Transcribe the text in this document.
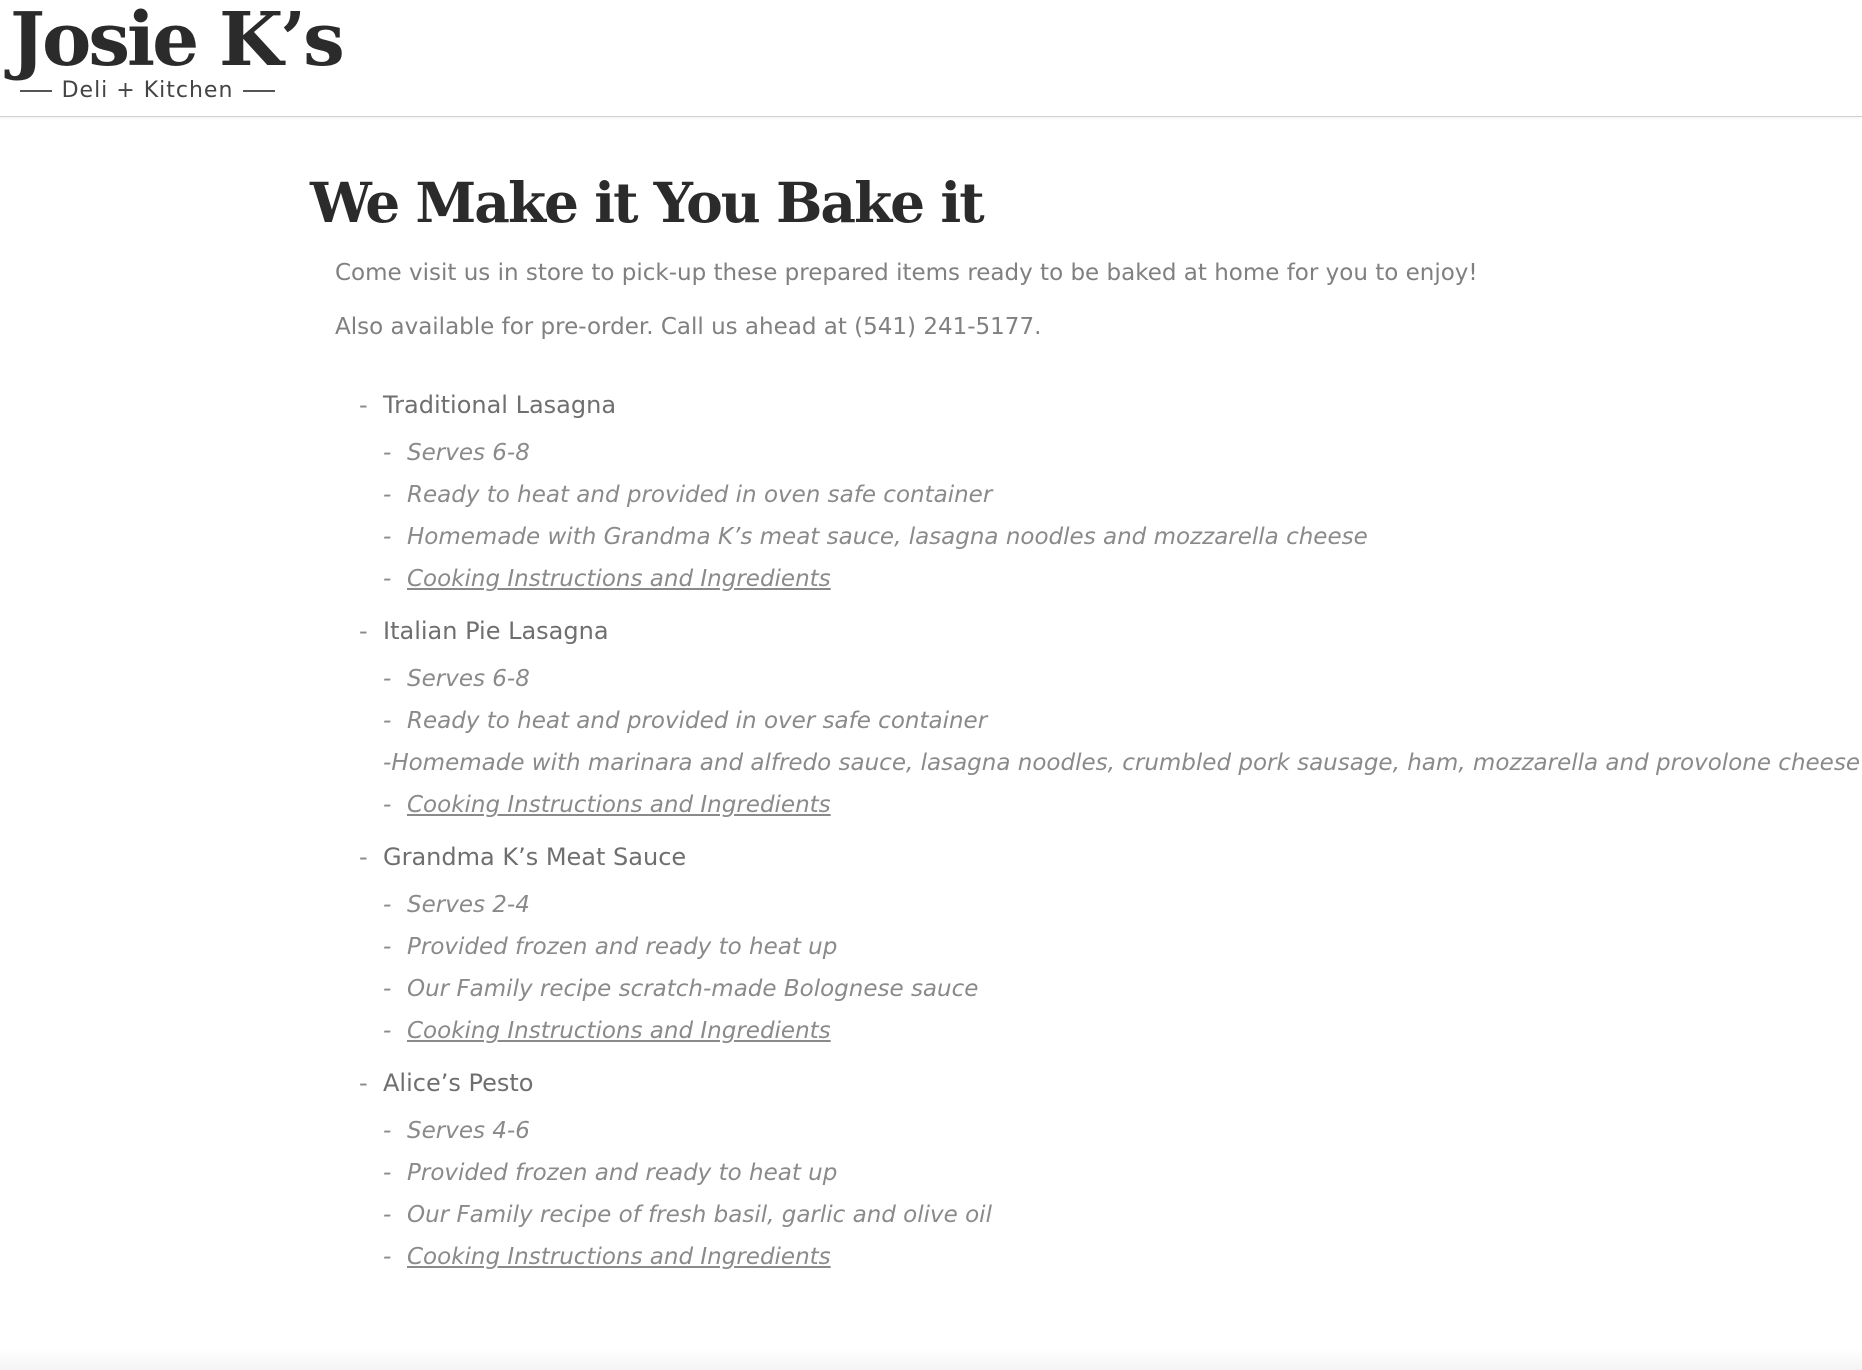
Josie K’s
Deli + Kitchen
We Make it You Bake it
Come visit us in store to pick-up these prepared items ready to be baked at home for you to enjoy!
Also available for pre-order. Call us ahead at (541) 241-5177.
- Traditional Lasagna
- Serves 6-8
- Ready to heat and provided in oven safe container
- Homemade with Grandma K’s meat sauce, lasagna noodles and mozzarella cheese
- Cooking Instructions and Ingredients
- Italian Pie Lasagna
- Serves 6-8
- Ready to heat and provided in over safe container
- Homemade with marinara and alfredo sauce, lasagna noodles, crumbled pork sausage, ham, mozzarella and provolone cheese
- Cooking Instructions and Ingredients
- Grandma K’s Meat Sauce
- Serves 2-4
- Provided frozen and ready to heat up
- Our Family recipe scratch-made Bolognese sauce
- Cooking Instructions and Ingredients
- Alice’s Pesto
- Serves 4-6
- Provided frozen and ready to heat up
- Our Family recipe of fresh basil, garlic and olive oil
- Cooking Instructions and Ingredients
